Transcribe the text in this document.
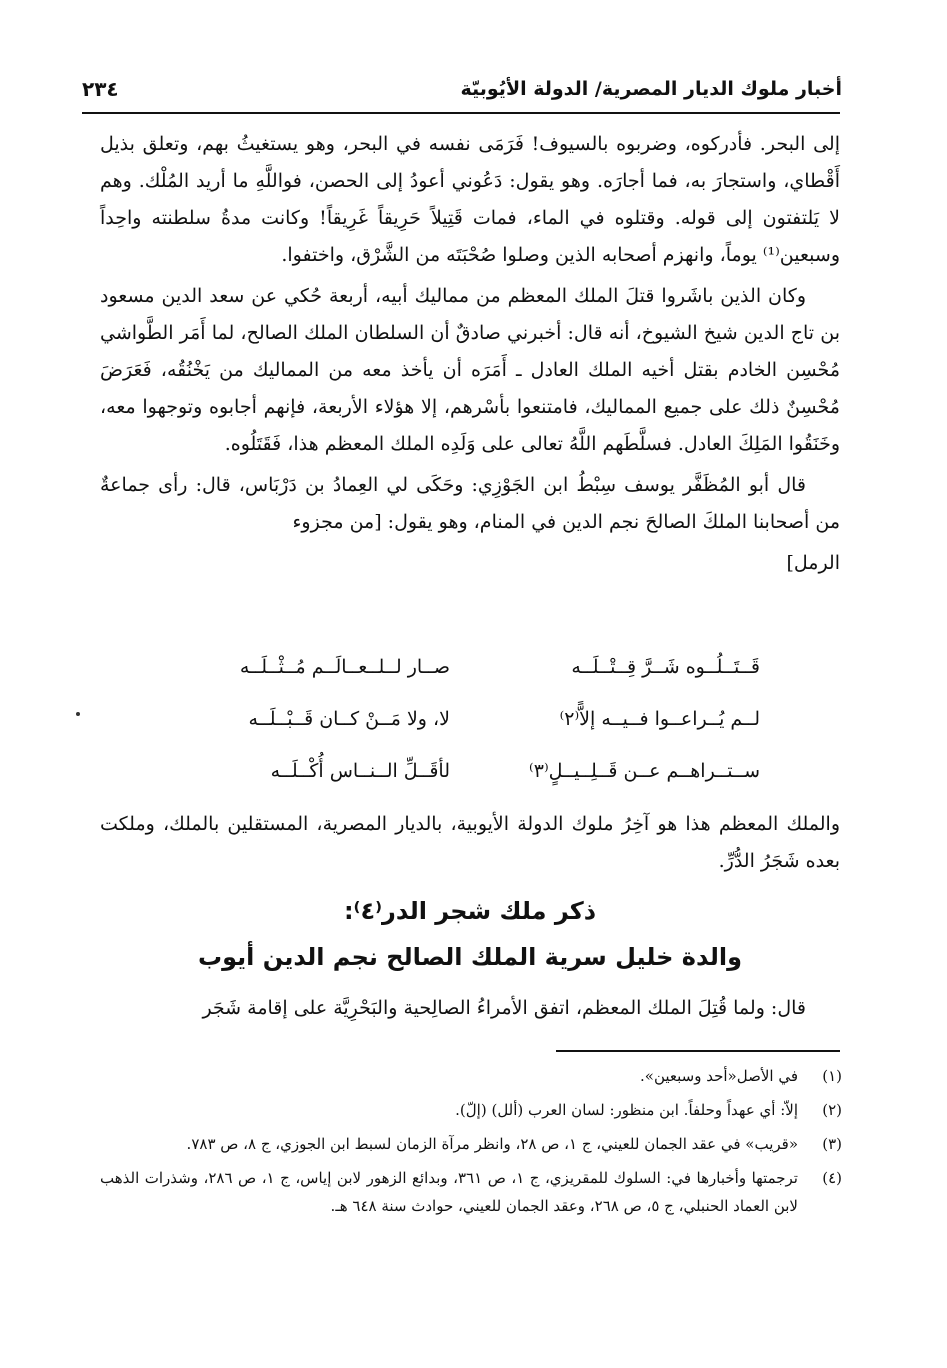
أخبار ملوك الديار المصرية/ الدولة الأيُوبيّة
٢٣٤

إلى البحر. فأدركوه، وضربوه بالسيوف! فَرَمَى نفسه في البحر، وهو يستغيثُ بهم، وتعلق بذيل أَقْطاي، واستجارَ به، فما أجارَه. وهو يقول: دَعُوني أعودُ إلى الحصن، فواللَّهِ ما أريد المُلْك. وهم لا يَلتفتون إلى قوله. وقتلوه في الماء، فمات قَتِيلاً حَرِيقاً غَرِيقاً! وكانت مدةُ سلطنته واحِداً وسبعين⁽¹⁾ يوماً، وانهزم أصحابه الذين وصلوا صُحْبَتَه من الشَّرْق، واختفوا.

وكان الذين باشَروا قتلَ الملك المعظم من مماليك أبيه، أربعة حُكي عن سعد الدين مسعود بن تاج الدين شيخ الشيوخ، أنه قال: أخبرني صادقٌ أن السلطان الملك الصالح، لما أَمَر الطَّواشي مُحْسِن الخادم بقتل أخيه الملك العادل ـ أَمَرَه أن يأخذ معه من المماليك من يَخْنُقُه، فَعَرَضَ مُحْسِنٌ ذلك على جميع المماليك، فامتنعوا بأسْرهم، إلا هؤلاء الأربعة، فإنهم أجابوه وتوجهوا معه، وخَنَقُوا المَلِكَ العادل. فسلَّطَهم اللَّهُ تعالى على وَلَدِه الملك المعظم هذا، فَقَتَلُوه.

قال أبو المُظَفَّر يوسف سِبْطُ ابن الجَوْزِي: وحَكَى لي العِمادُ بن دَرْبَاس، قال: رأى جماعةٌ من أصحابنا الملكَ الصالحَ نجم الدين في المنام، وهو يقول: [من مجزوء

الرمل]

قَــتَــلُــوه شَــرَّ قِــتْــلَــه
صــار لــلــعــالَــم مُــثْــلَــه
لــم يُــراعــوا فــيــه إلاًّ⁽٢⁾
لا، ولا مَــنْ كــان قَــبْــلَــه
ســتــراهــم عــن قَــلِــيــلٍ⁽٣⁾
لأقَــلِّ الــنــاس أُكْــلَــه
والملك المعظم هذا هو آخِرُ ملوك الدولة الأيوبية، بالديار المصرية، المستقلين بالملك، وملكت بعده شَجَرُ الدُّرِّ.
ذكر ملك شجر الدر⁽٤⁾:
والدة خليل سرية الملك الصالح نجم الدين أيوب
قال: ولما قُتِلَ الملك المعظم، اتفق الأمراءُ الصالِحية والبَحْرِيَّة على إقامة شَجَر
(١)
في الأصل«أحد وسبعين».
(٢)
إلاّ: أي عهداً وحلفاً. ابن منظور: لسان العرب (ألل) (إلّ).
(٣)
«قريب» في عقد الجمان للعيني، ج ١، ص ٢٨، وانظر مرآة الزمان لسبط ابن الجوزي، ج ٨، ص ٧٨٣.
(٤)
ترجمتها وأخبارها في: السلوك للمقريزي، ج ١، ص ٣٦١، وبدائع الزهور لابن إياس، ج ١، ص ٢٨٦، وشذرات الذهب لابن العماد الحنبلي، ج ٥، ص ٢٦٨، وعقد الجمان للعيني، حوادث سنة ٦٤٨ هـ.
